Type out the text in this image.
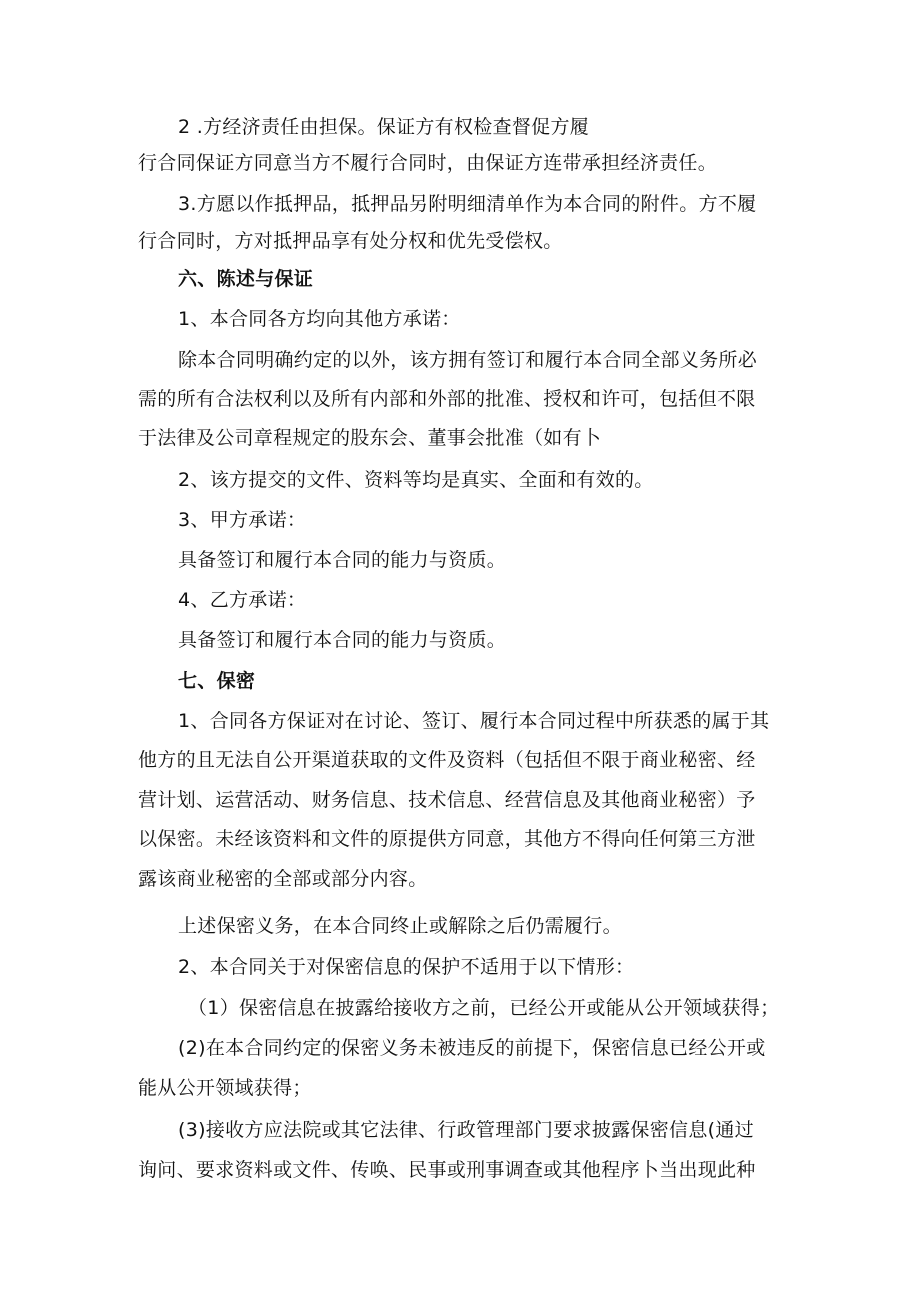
2 .方经济责任由担保。保证方有权检查督促方履
行合同保证方同意当方不履行合同时，由保证方连带承担经济责任。
3.方愿以作抵押品，抵押品另附明细清单作为本合同的附件。方不履
行合同时，方对抵押品享有处分权和优先受偿权。
六、陈述与保证
1、本合同各方均向其他方承诺：
除本合同明确约定的以外，该方拥有签订和履行本合同全部义务所必
需的所有合法权利以及所有内部和外部的批准、授权和许可，包括但不限
于法律及公司章程规定的股东会、董事会批准（如有卜
2、该方提交的文件、资料等均是真实、全面和有效的。
3、甲方承诺：
具备签订和履行本合同的能力与资质。
4、乙方承诺：
具备签订和履行本合同的能力与资质。
七、保密
1、合同各方保证对在讨论、签订、履行本合同过程中所获悉的属于其
他方的且无法自公开渠道获取的文件及资料（包括但不限于商业秘密、经
营计划、运营活动、财务信息、技术信息、经营信息及其他商业秘密）予
以保密。未经该资料和文件的原提供方同意，其他方不得向任何第三方泄
露该商业秘密的全部或部分内容。
上述保密义务，在本合同终止或解除之后仍需履行。
2、本合同关于对保密信息的保护不适用于以下情形：
（1）保密信息在披露给接收方之前，已经公开或能从公开领域获得；
(2)在本合同约定的保密义务未被违反的前提下，保密信息已经公开或
能从公开领域获得；
(3)接收方应法院或其它法律、行政管理部门要求披露保密信息(通过
询问、要求资料或文件、传唤、民事或刑事调查或其他程序卜当出现此种
